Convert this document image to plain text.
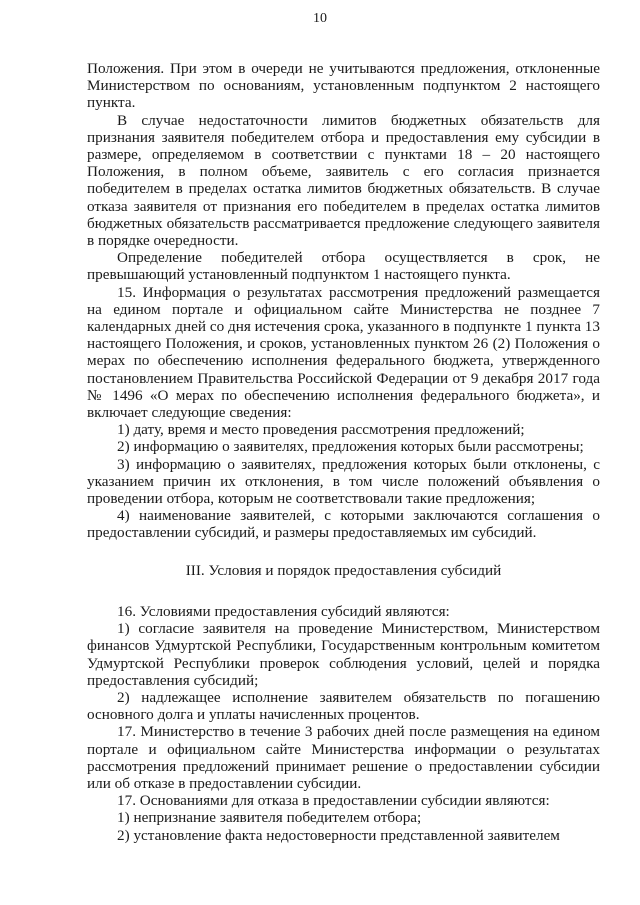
10

Положения. При этом в очереди не учитываются предложения, отклоненные Министерством по основаниям, установленным подпунктом 2 настоящего пункта.

В случае недостаточности лимитов бюджетных обязательств для признания заявителя победителем отбора и предоставления ему субсидии в размере, определяемом в соответствии с пунктами 18 – 20 настоящего Положения, в полном объеме, заявитель с его согласия признается победителем в пределах остатка лимитов бюджетных обязательств. В случае отказа заявителя от признания его победителем в пределах остатка лимитов бюджетных обязательств рассматривается предложение следующего заявителя в порядке очередности.

Определение победителей отбора осуществляется в срок, не превышающий установленный подпунктом 1 настоящего пункта.

15. Информация о результатах рассмотрения предложений размещается на едином портале и официальном сайте Министерства не позднее 7 календарных дней со дня истечения срока, указанного в подпункте 1 пункта 13 настоящего Положения, и сроков, установленных пунктом 26 (2) Положения о мерах по обеспечению исполнения федерального бюджета, утвержденного постановлением Правительства Российской Федерации от 9 декабря 2017 года № 1496 «О мерах по обеспечению исполнения федерального бюджета», и включает следующие сведения:

1) дату, время и место проведения рассмотрения предложений;

2) информацию о заявителях, предложения которых были рассмотрены;

3) информацию о заявителях, предложения которых были отклонены, с указанием причин их отклонения, в том числе положений объявления о проведении отбора, которым не соответствовали такие предложения;

4) наименование заявителей, с которыми заключаются соглашения о предоставлении субсидий, и размеры предоставляемых им субсидий.

III. Условия и порядок предоставления субсидий

16. Условиями предоставления субсидий являются:

1) согласие заявителя на проведение Министерством, Министерством финансов Удмуртской Республики, Государственным контрольным комитетом Удмуртской Республики проверок соблюдения условий, целей и порядка предоставления субсидий;

2) надлежащее исполнение заявителем обязательств по погашению основного долга и уплаты начисленных процентов.

17. Министерство в течение 3 рабочих дней после размещения на едином портале и официальном сайте Министерства информации о результатах рассмотрения предложений принимает решение о предоставлении субсидии или об отказе в предоставлении субсидии.

17. Основаниями для отказа в предоставлении субсидии являются:

1) непризнание заявителя победителем отбора;

2) установление факта недостоверности представленной заявителем
